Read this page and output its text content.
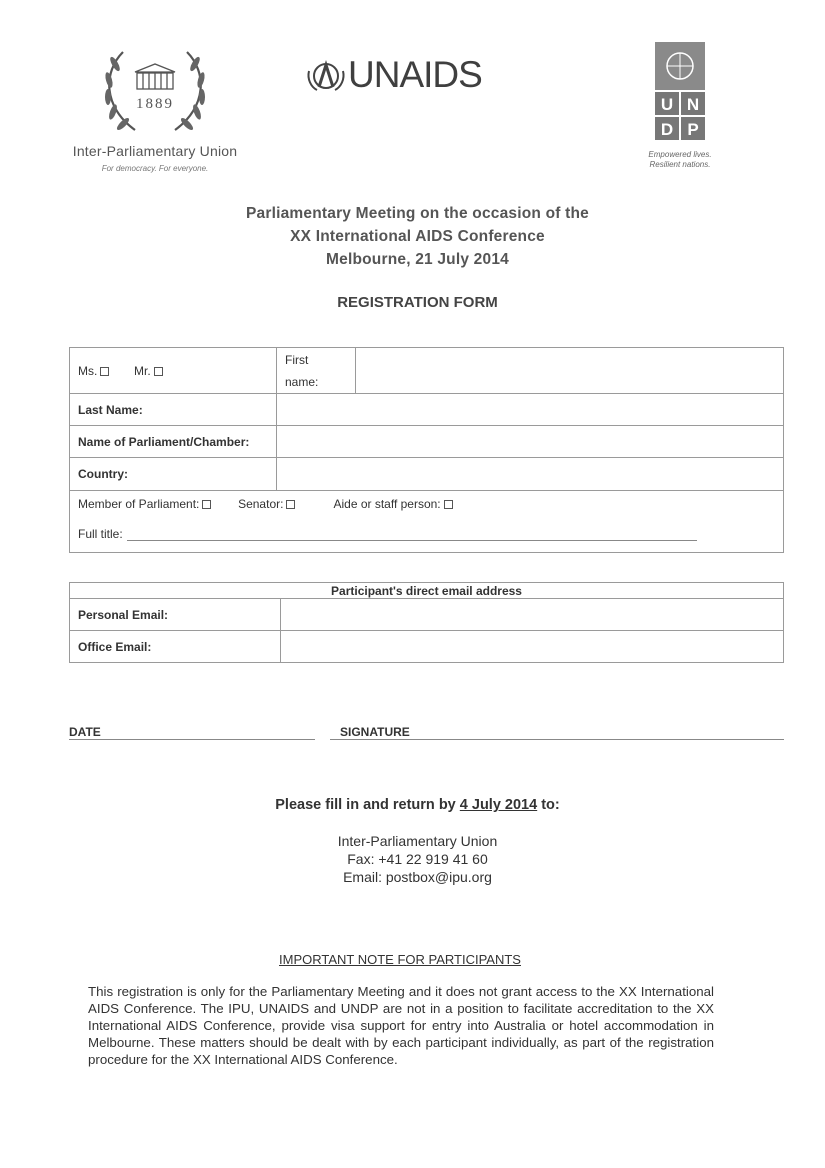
1889
Inter-Parliamentary Union
For democracy. For everyone.
UNAIDS
U N
D P
Empowered lives.
Resilient nations.
Parliamentary Meeting on the occasion of the
XX International AIDS Conference
Melbourne, 21 July 2014
REGISTRATION FORM
Ms. Mr.	First
name:	
Last Name:		
Name of Parliament/Chamber:		
Country:		

Member of Parliament: Senator: Aide or staff person:
Full title:		
Participant's direct email address	
Personal Email:	
Office Email:	
DATE	SIGNATURE
Please fill in and return by 4 July 2014 to:
Inter-Parliamentary Union
Fax: +41 22 919 41 60
Email: postbox@ipu.org
IMPORTANT NOTE FOR PARTICIPANTS
This registration is only for the Parliamentary Meeting and it does not grant access to the XX International AIDS Conference. The IPU, UNAIDS and UNDP are not in a position to facilitate accreditation to the XX International AIDS Conference, provide visa support for entry into Australia or hotel accommodation in Melbourne. These matters should be dealt with by each participant individually, as part of the registration procedure for the XX International AIDS Conference.
